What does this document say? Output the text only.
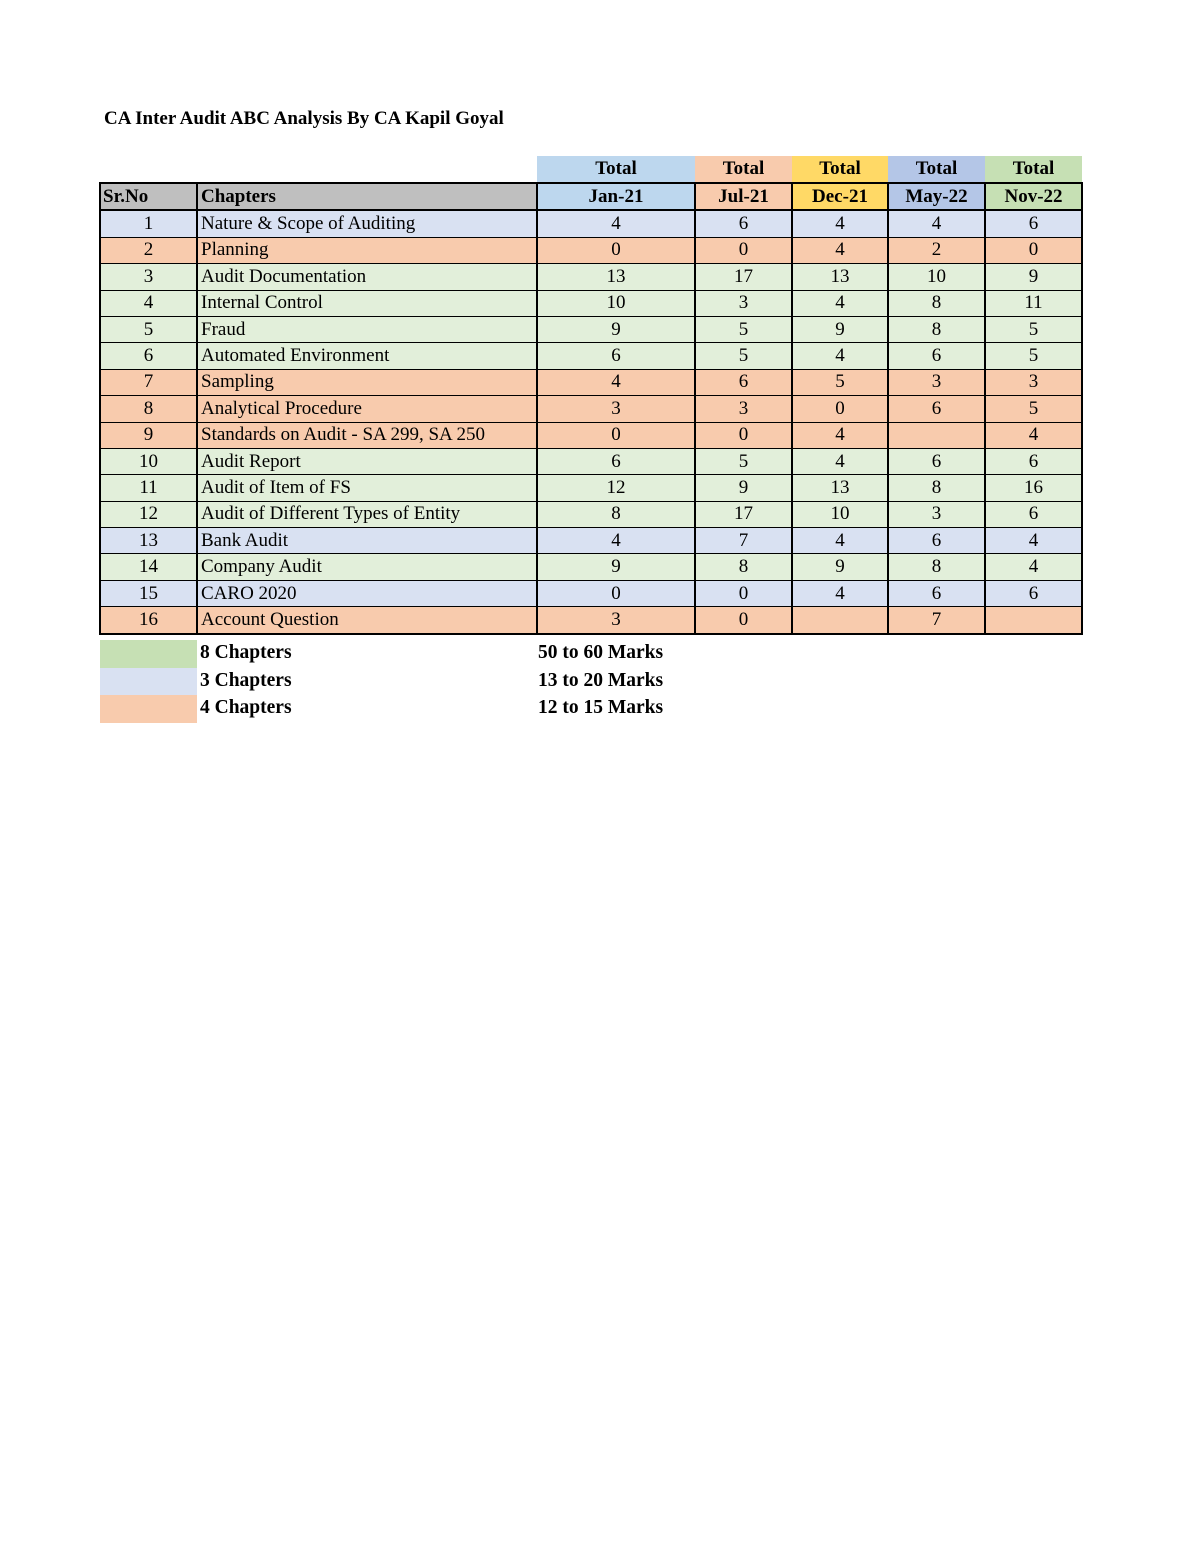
CA Inter Audit ABC Analysis By CA Kapil Goyal
		Total	Total	Total	Total	Total
Sr.No	Chapters	Jan-21	Jul-21	Dec-21	May-22	Nov-22
1	Nature & Scope of Auditing	4	6	4	4	6
2	Planning	0	0	4	2	0
3	Audit Documentation	13	17	13	10	9
4	Internal Control	10	3	4	8	11
5	Fraud	9	5	9	8	5
6	Automated Environment	6	5	4	6	5
7	Sampling	4	6	5	3	3
8	Analytical Procedure	3	3	0	6	5
9	Standards on Audit - SA 299, SA 250	0	0	4		4
10	Audit Report	6	5	4	6	6
11	Audit of Item of FS	12	9	13	8	16
12	Audit of Different Types of Entity	8	17	10	3	6
13	Bank Audit	4	7	4	6	4
14	Company Audit	9	8	9	8	4
15	CARO 2020	0	0	4	6	6
16	Account Question	3	0		7	
8 Chapters	50 to 60 Marks
3 Chapters	13 to 20 Marks
4 Chapters	12 to 15 Marks
